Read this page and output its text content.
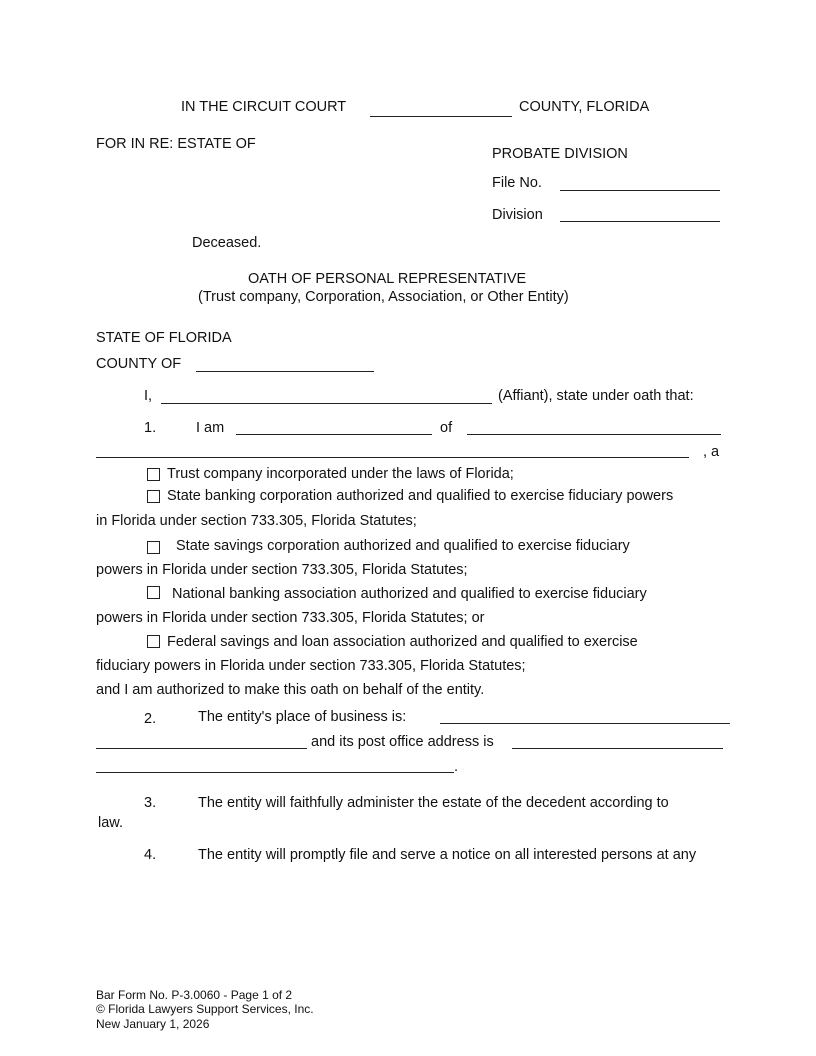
IN THE CIRCUIT COURT	COUNTY, FLORIDA
FOR IN RE: ESTATE OF
PROBATE DIVISION
File No.
Division
Deceased.
OATH OF PERSONAL REPRESENTATIVE
(Trust company, Corporation, Association, or Other Entity)
STATE OF FLORIDA
COUNTY OF
I,	(Affiant), state under oath that:
1.	I am	of
, a
Trust company incorporated under the laws of Florida;
State banking corporation authorized and qualified to exercise fiduciary powers
in Florida under section 733.305, Florida Statutes;
State savings corporation authorized and qualified to exercise fiduciary
powers in Florida under section 733.305, Florida Statutes;
National banking association authorized and qualified to exercise fiduciary
powers in Florida under section 733.305, Florida Statutes; or
Federal savings and loan association authorized and qualified to exercise
fiduciary powers in Florida under section 733.305, Florida Statutes;
and I am authorized to make this oath on behalf of the entity.
2.	The entity's place of business is:
and its post office address is
.
3.	The entity will faithfully administer the estate of the decedent according to
law.
4.	The entity will promptly file and serve a notice on all interested persons at any
Bar Form No. P-3.0060 - Page 1 of 2
© Florida Lawyers Support Services, Inc.
New January 1, 2026
